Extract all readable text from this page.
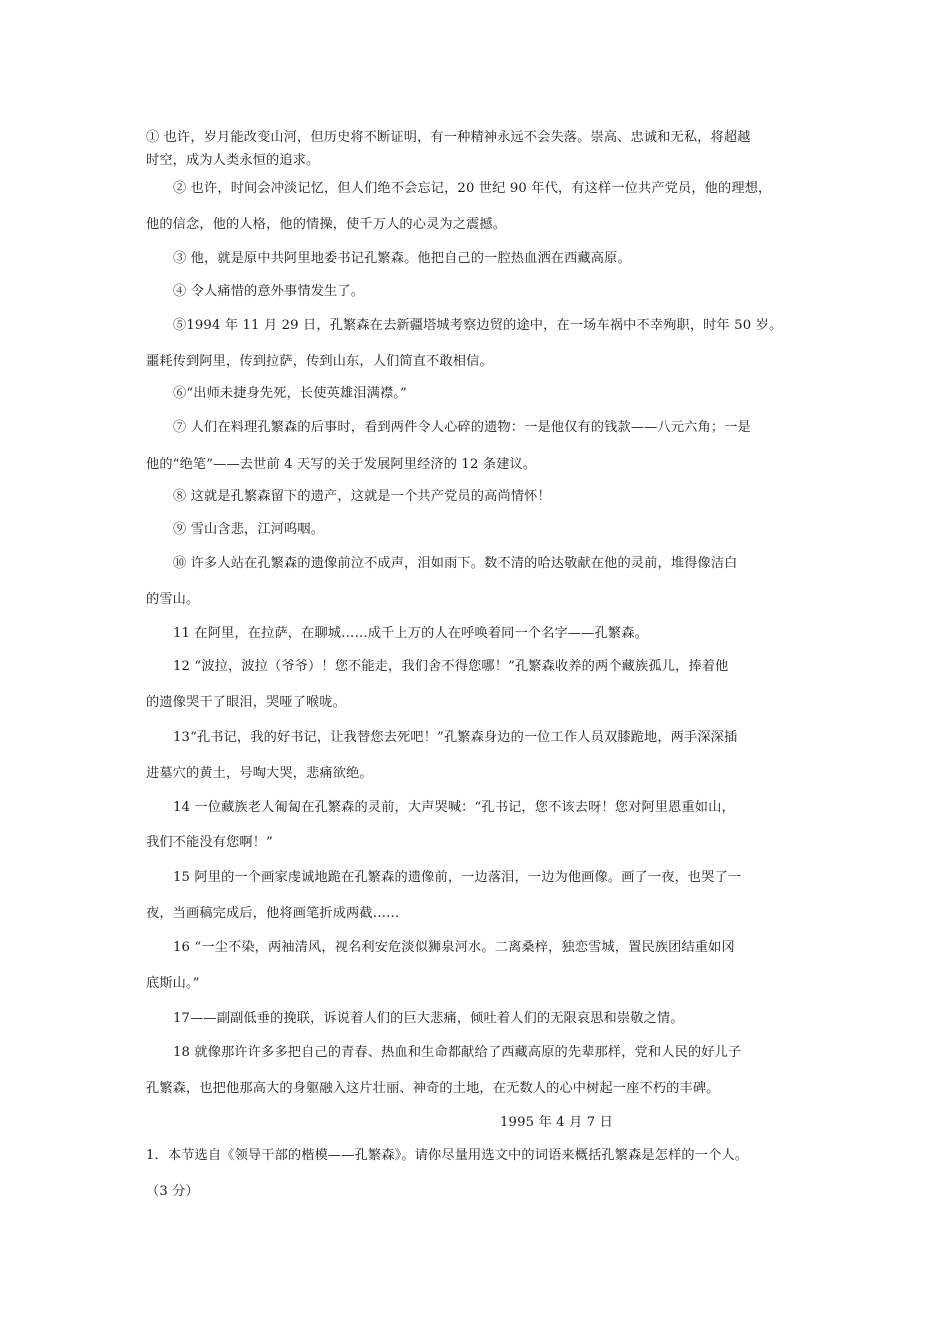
① 也许，岁月能改变山河，但历史将不断证明，有一种精神永远不会失落。崇高、忠诚和无私，将超越
时空，成为人类永恒的追求。
② 也许，时间会冲淡记忆，但人们绝不会忘记，20 世纪 90 年代，有这样一位共产党员，他的理想，
他的信念，他的人格，他的情操，使千万人的心灵为之震撼。
③ 他，就是原中共阿里地委书记孔繁森。他把自己的一腔热血洒在西藏高原。
④ 令人痛惜的意外事情发生了。
⑤1994 年 11 月 29 日，孔繁森在去新疆塔城考察边贸的途中，在一场车祸中不幸殉职，时年 50 岁。
噩耗传到阿里，传到拉萨，传到山东，人们简直不敢相信。
⑥“出师未捷身先死，长使英雄泪满襟。”
⑦ 人们在料理孔繁森的后事时，看到两件令人心碎的遗物：一是他仅有的钱款——八元六角；一是
他的“绝笔”——去世前 4 天写的关于发展阿里经济的 12 条建议。
⑧ 这就是孔繁森留下的遗产，这就是一个共产党员的高尚情怀！
⑨ 雪山含悲，江河呜咽。
⑩ 许多人站在孔繁森的遗像前泣不成声，泪如雨下。数不清的哈达敬献在他的灵前，堆得像洁白
的雪山。
11 在阿里，在拉萨，在聊城……成千上万的人在呼唤着同一个名字——孔繁森。
12 “波拉，波拉（爷爷）！您不能走，我们舍不得您哪！”孔繁森收养的两个藏族孤儿，捧着他
的遗像哭干了眼泪，哭哑了喉咙。
13“孔书记，我的好书记，让我替您去死吧！”孔繁森身边的一位工作人员双膝跪地，两手深深插
进墓穴的黄土，号啕大哭，悲痛欲绝。
14 一位藏族老人匍匐在孔繁森的灵前，大声哭喊：“孔书记，您不该去呀！您对阿里恩重如山，
我们不能没有您啊！”
15 阿里的一个画家虔诚地跪在孔繁森的遗像前，一边落泪，一边为他画像。画了一夜，也哭了一
夜，当画稿完成后，他将画笔折成两截……
16 “一尘不染，两袖清风，视名利安危淡似狮泉河水。二离桑梓，独恋雪城，置民族团结重如冈
底斯山。”
17——副副低垂的挽联，诉说着人们的巨大悲痛，倾吐着人们的无限哀思和崇敬之情。
18 就像那许许多多把自己的青春、热血和生命都献给了西藏高原的先辈那样，党和人民的好儿子
孔繁森，也把他那高大的身躯融入这片壮丽、神奇的土地，在无数人的心中树起一座不朽的丰碑。
1995 年 4 月 7 日
1．本节选自《领导干部的楷模——孔繁森》。请你尽量用选文中的词语来概括孔繁森是怎样的一个人。
（3 分）
